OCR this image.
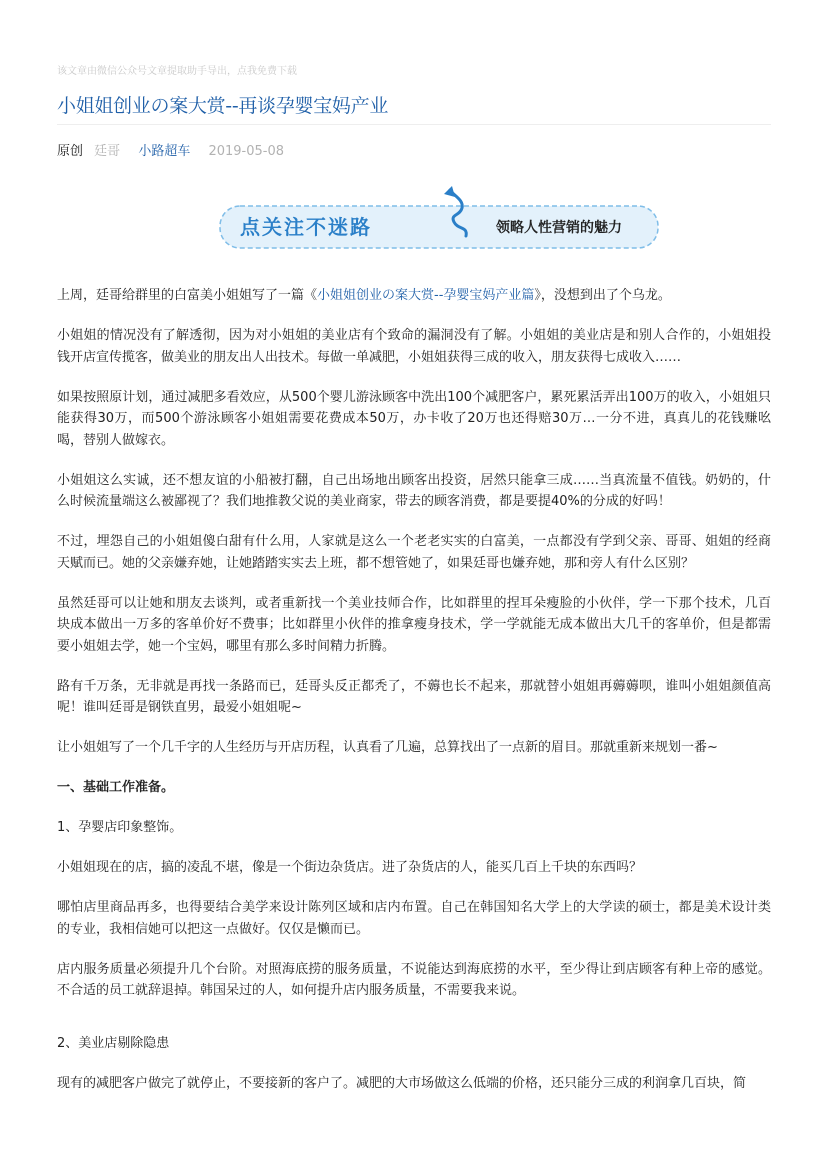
该文章由微信公众号文章提取助手导出，点我免费下载
小姐姐创业の案大赏--再谈孕婴宝妈产业
原创 廷哥 小路超车 2019-05-08
点关注不迷路	领略人性营销的魅力

上周，廷哥给群里的白富美小姐姐写了一篇《小姐姐创业の案大赏--孕婴宝妈产业篇》，没想到出了个乌龙。

小姐姐的情况没有了解透彻，因为对小姐姐的美业店有个致命的漏洞没有了解。小姐姐的美业店是和别人合作的，小姐姐投钱开店宣传揽客，做美业的朋友出人出技术。每做一单减肥，小姐姐获得三成的收入，朋友获得七成收入……

如果按照原计划，通过减肥多看效应，从500个婴儿游泳顾客中洗出100个减肥客户，累死累活弄出100万的收入，小姐姐只能获得30万，而500个游泳顾客小姐姐需要花费成本50万，办卡收了20万也还得赔30万…一分不进，真真儿的花钱赚吆喝，替别人做嫁衣。

小姐姐这么实诚，还不想友谊的小船被打翻，自己出场地出顾客出投资，居然只能拿三成……当真流量不值钱。奶奶的，什么时候流量端这么被鄙视了？我们地推教父说的美业商家，带去的顾客消费，都是要提40%的分成的好吗！

不过，埋怨自己的小姐姐傻白甜有什么用，人家就是这么一个老老实实的白富美，一点都没有学到父亲、哥哥、姐姐的经商天赋而已。她的父亲嫌弃她，让她踏踏实实去上班，都不想管她了，如果廷哥也嫌弃她，那和旁人有什么区别？

虽然廷哥可以让她和朋友去谈判，或者重新找一个美业技师合作，比如群里的捏耳朵瘦脸的小伙伴，学一下那个技术，几百块成本做出一万多的客单价好不费事；比如群里小伙伴的推拿瘦身技术，学一学就能无成本做出大几千的客单价，但是都需要小姐姐去学，她一个宝妈，哪里有那么多时间精力折腾。

路有千万条，无非就是再找一条路而已，廷哥头反正都秃了，不薅也长不起来，那就替小姐姐再薅薅呗，谁叫小姐姐颜值高呢！谁叫廷哥是钢铁直男，最爱小姐姐呢~

让小姐姐写了一个几千字的人生经历与开店历程，认真看了几遍，总算找出了一点新的眉目。那就重新来规划一番~

一、基础工作准备。

1、孕婴店印象整饰。

小姐姐现在的店，搞的凌乱不堪，像是一个街边杂货店。进了杂货店的人，能买几百上千块的东西吗？

哪怕店里商品再多，也得要结合美学来设计陈列区域和店内布置。自己在韩国知名大学上的大学读的硕士，都是美术设计类的专业，我相信她可以把这一点做好。仅仅是懒而已。

店内服务质量必须提升几个台阶。对照海底捞的服务质量，不说能达到海底捞的水平，至少得让到店顾客有种上帝的感觉。不合适的员工就辞退掉。韩国呆过的人，如何提升店内服务质量，不需要我来说。

2、美业店剔除隐患

现有的减肥客户做完了就停止，不要接新的客户了。减肥的大市场做这么低端的价格，还只能分三成的利润拿几百块，简
